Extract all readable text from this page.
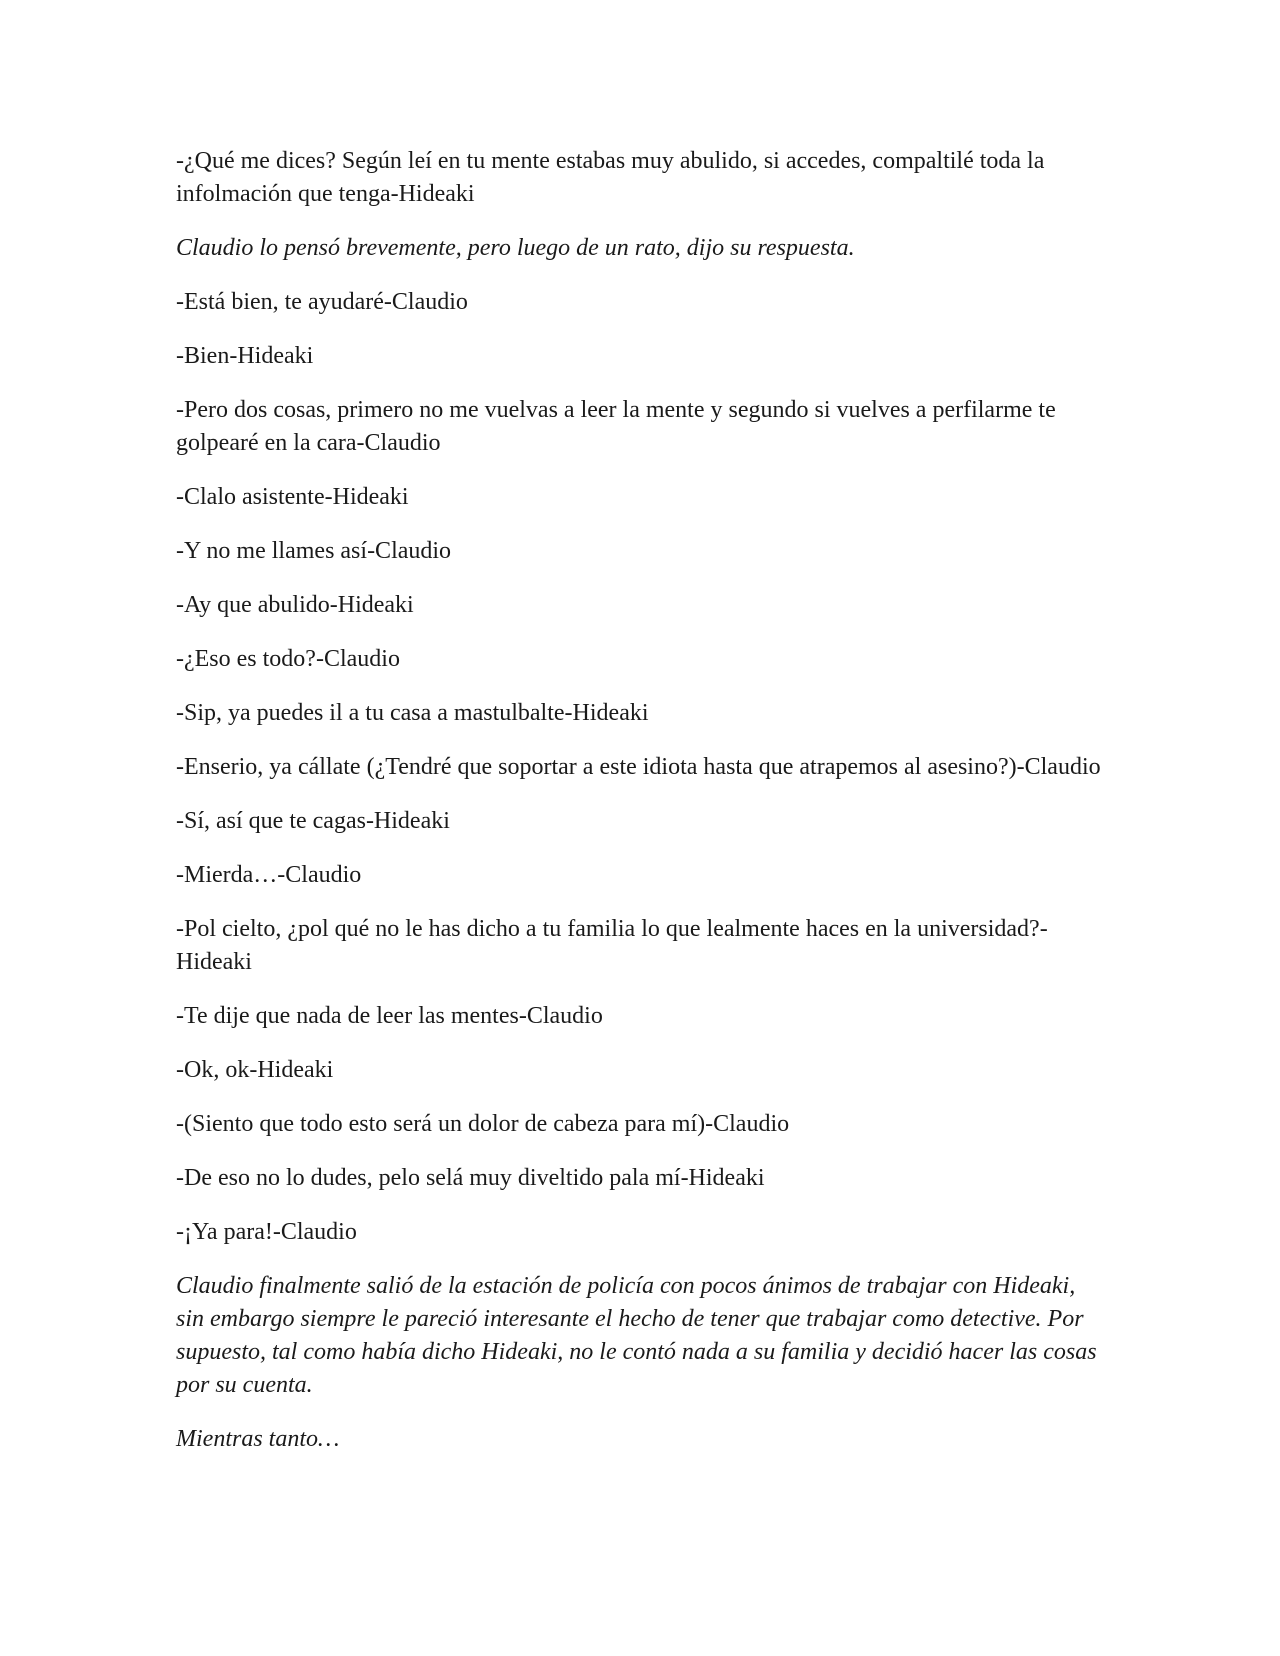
-¿Qué me dices? Según leí en tu mente estabas muy abulido, si accedes, compaltilé toda la infolmación que tenga-Hideaki

Claudio lo pensó brevemente, pero luego de un rato, dijo su respuesta.

-Está bien, te ayudaré-Claudio

-Bien-Hideaki

-Pero dos cosas, primero no me vuelvas a leer la mente y segundo si vuelves a perfilarme te golpearé en la cara-Claudio

-Clalo asistente-Hideaki

-Y no me llames así-Claudio

-Ay que abulido-Hideaki

-¿Eso es todo?-Claudio

-Sip, ya puedes il a tu casa a mastulbalte-Hideaki

-Enserio, ya cállate (¿Tendré que soportar a este idiota hasta que atrapemos al asesino?)-Claudio

-Sí, así que te cagas-Hideaki

-Mierda…-Claudio

-Pol cielto, ¿pol qué no le has dicho a tu familia lo que lealmente haces en la universidad?-Hideaki

-Te dije que nada de leer las mentes-Claudio

-Ok, ok-Hideaki

-(Siento que todo esto será un dolor de cabeza para mí)-Claudio

-De eso no lo dudes, pelo selá muy diveltido pala mí-Hideaki

-¡Ya para!-Claudio

Claudio finalmente salió de la estación de policía con pocos ánimos de trabajar con Hideaki, sin embargo siempre le pareció interesante el hecho de tener que trabajar como detective. Por supuesto, tal como había dicho Hideaki, no le contó nada a su familia y decidió hacer las cosas por su cuenta.

Mientras tanto…
